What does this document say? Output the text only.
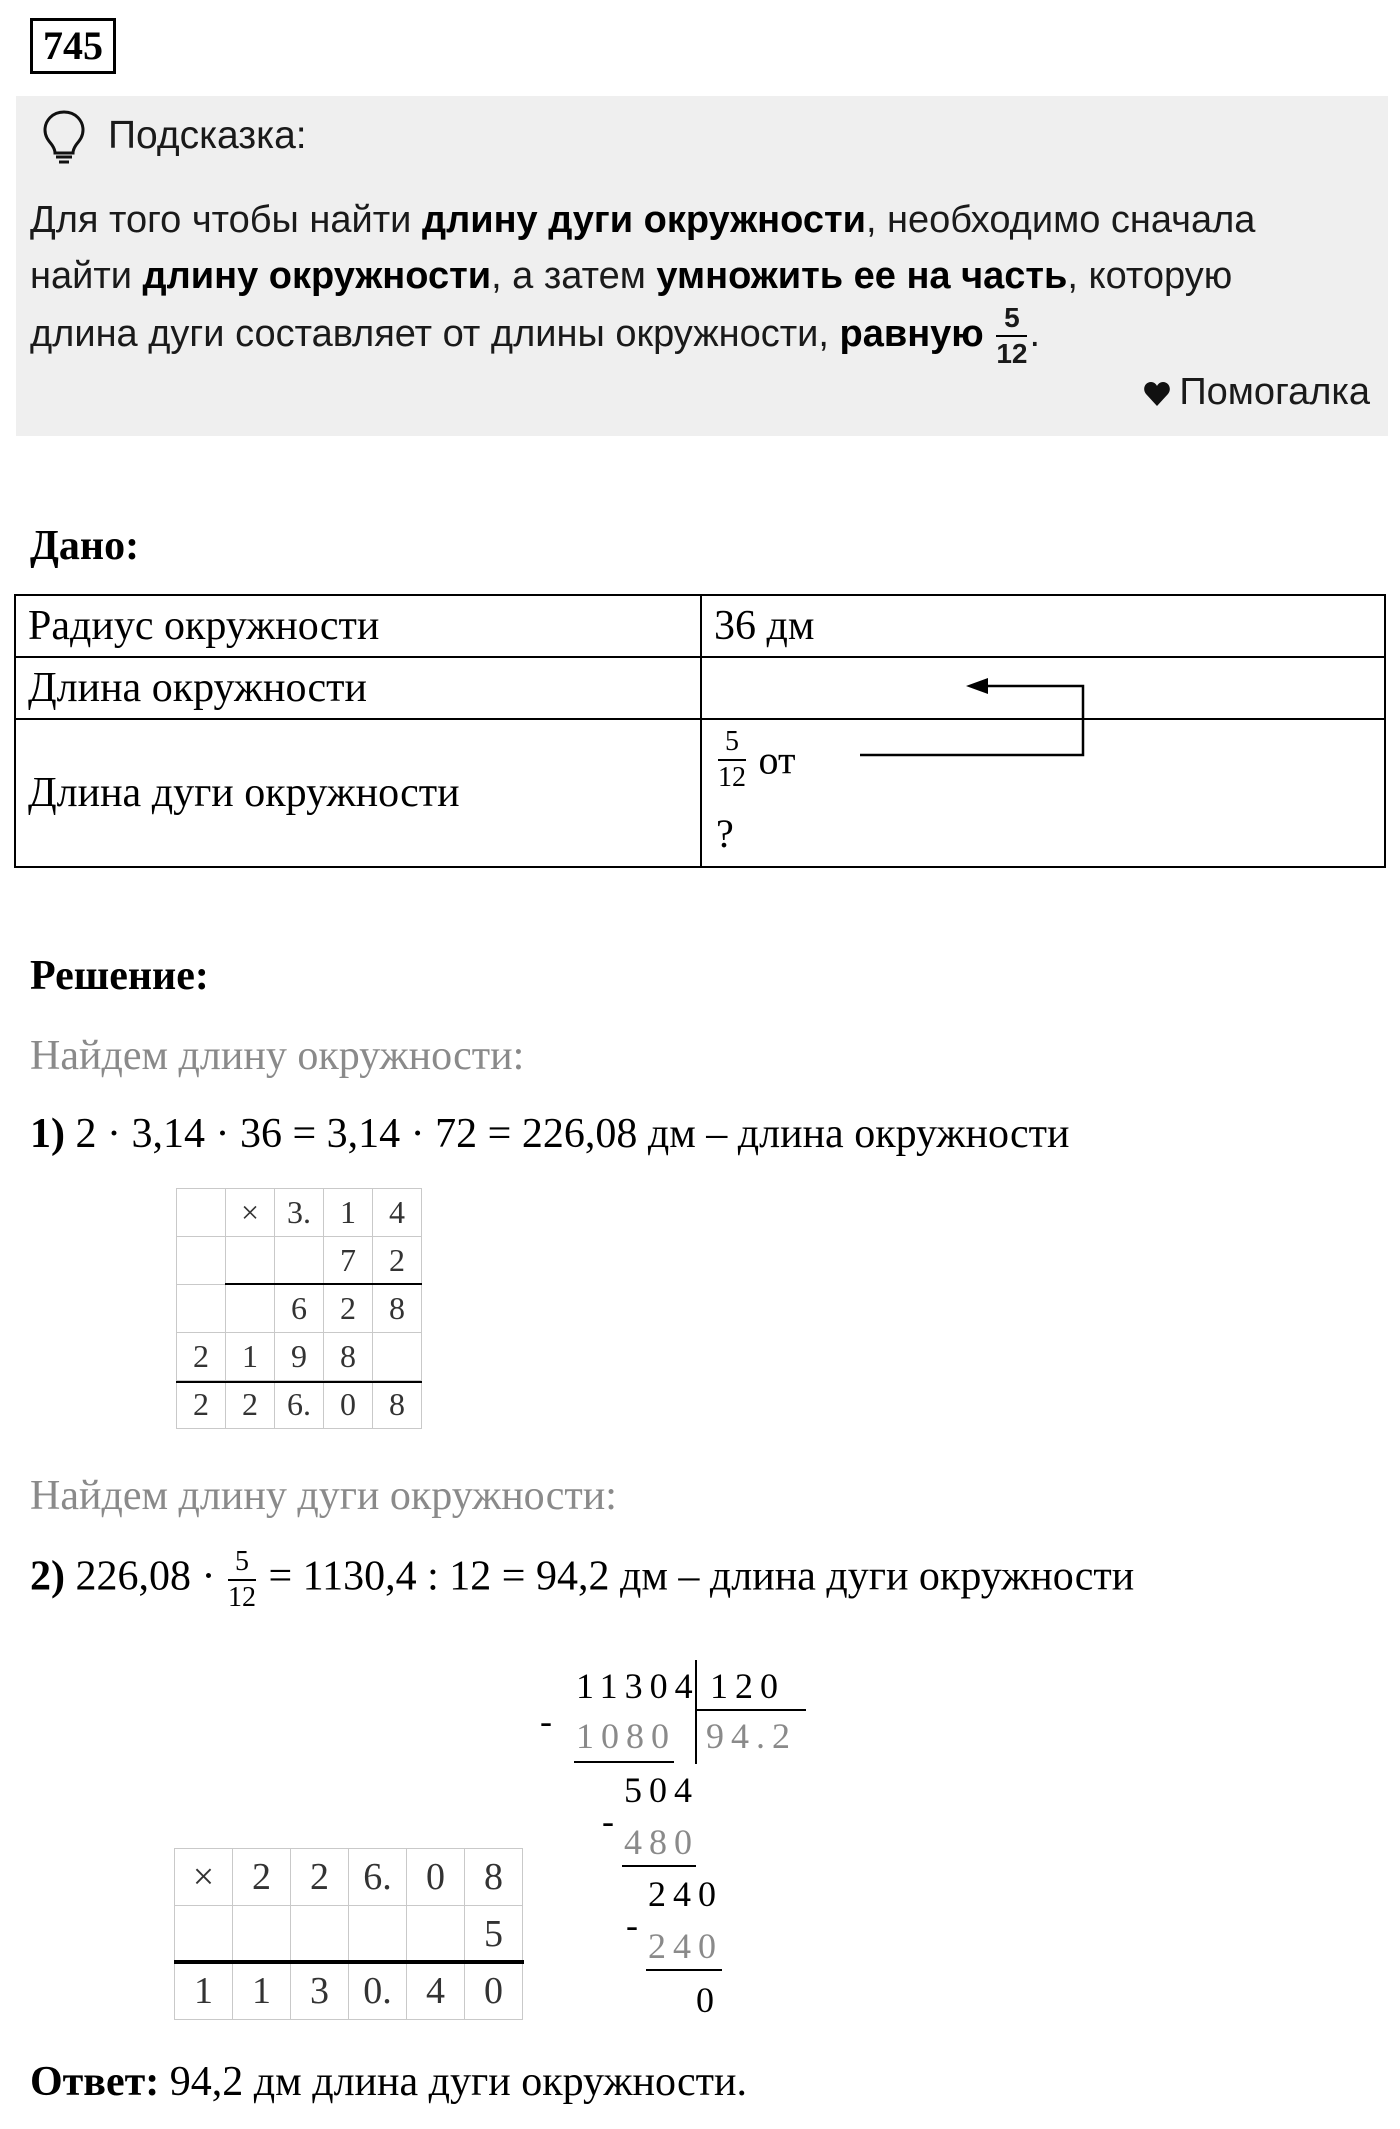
745
Подсказка:
Для того чтобы найти длину дуги окружности, необходимо сначала
найти длину окружности, а затем умножить ее на часть, которую
длина дуги составляет от длины окружности, равную $\frac{5}{12}$ .
Помогалка
Дано:
Радиус окружности	36 дм
Длина окружности	
Длина дуги окружности	$\frac{5}{12}$ от
?
Решение:
Найдем длину окружности:
1) 2 · 3,14 · 36 = 3,14 · 72 = 226,08 дм – длина окружности
	×	3.	1	4
			7	2
		6	2	8
2	1	9	8	
2	2	6.	0	8
Найдем длину дуги окружности:
2) $226,08 \cdot \frac{5}{12} = 1130,4$ : 12 = 94,2 дм – длина дуги окружности
11304 120
- 1080 94.2
504
-
480
240
-
240
0
×	2	2	6.	0	8
					5
1	1	3	0.	4	0
Ответ: 94,2 дм длина дуги окружности.
